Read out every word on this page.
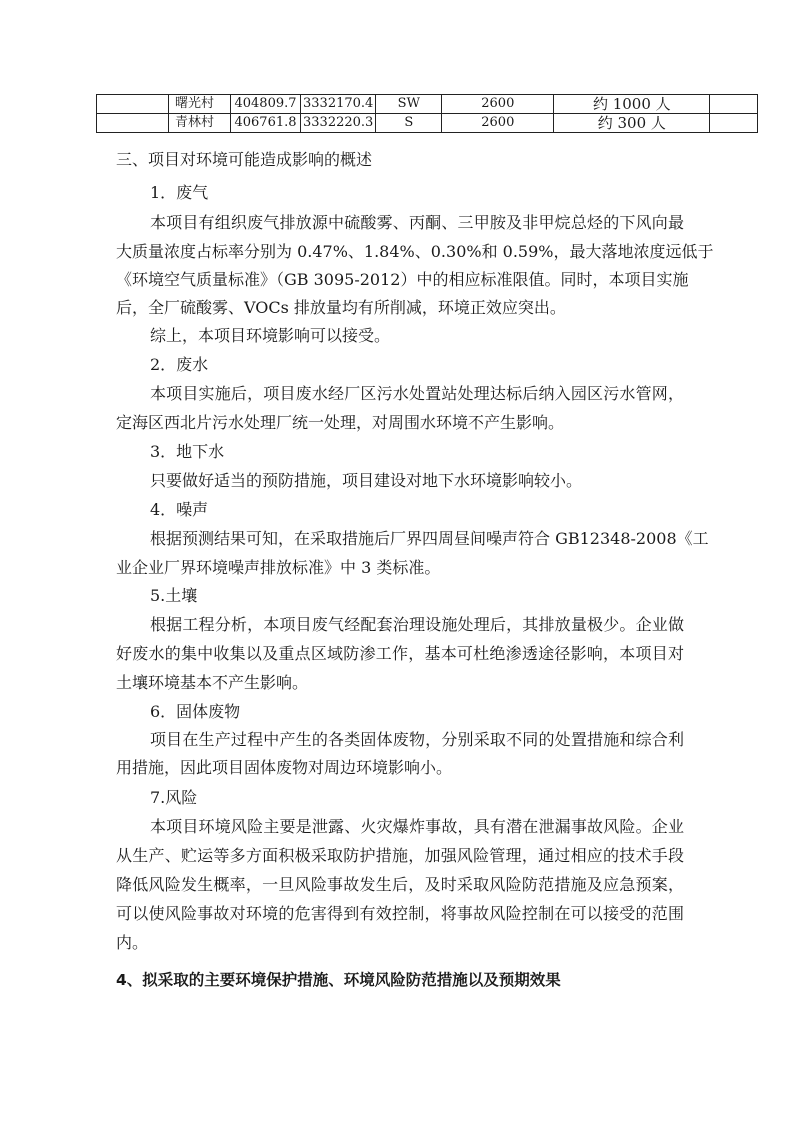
	曙光村	404809.7	3332170.4	SW	2600	约 1000 人	
	青林村	406761.8	3332220.3	S	2600	约 300 人	
三、项目对环境可能造成影响的概述
1．废气
本项目有组织废气排放源中硫酸雾、丙酮、三甲胺及非甲烷总烃的下风向最
大质量浓度占标率分别为 0.47%、1.84%、0.30%和 0.59%，最大落地浓度远低于
《环境空气质量标准》（GB 3095-2012）中的相应标准限值。同时，本项目实施
后，全厂硫酸雾、VOCs 排放量均有所削减，环境正效应突出。
综上，本项目环境影响可以接受。
2．废水
本项目实施后，项目废水经厂区污水处置站处理达标后纳入园区污水管网，
定海区西北片污水处理厂统一处理，对周围水环境不产生影响。
3．地下水
只要做好适当的预防措施，项目建设对地下水环境影响较小。
4．噪声
根据预测结果可知，在采取措施后厂界四周昼间噪声符合 GB12348-2008《工
业企业厂界环境噪声排放标准》中 3 类标准。
5.土壤
根据工程分析，本项目废气经配套治理设施处理后，其排放量极少。企业做
好废水的集中收集以及重点区域防渗工作，基本可杜绝渗透途径影响，本项目对
土壤环境基本不产生影响。
6．固体废物
项目在生产过程中产生的各类固体废物，分别采取不同的处置措施和综合利
用措施，因此项目固体废物对周边环境影响小。
7.风险
本项目环境风险主要是泄露、火灾爆炸事故，具有潜在泄漏事故风险。企业
从生产、贮运等多方面积极采取防护措施，加强风险管理，通过相应的技术手段
降低风险发生概率，一旦风险事故发生后，及时采取风险防范措施及应急预案，
可以使风险事故对环境的危害得到有效控制，将事故风险控制在可以接受的范围
内。
4、拟采取的主要环境保护措施、环境风险防范措施以及预期效果
